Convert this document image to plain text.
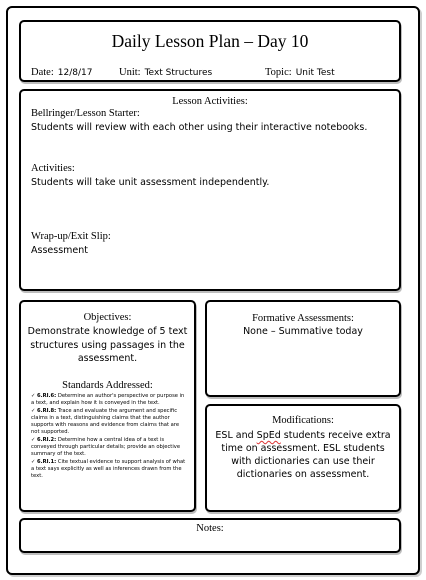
Daily Lesson Plan – Day 10
Date: 12/8/17	Unit: Text Structures	Topic: Unit Test
Lesson Activities:
Bellringer/Lesson Starter:
Students will review with each other using their interactive notebooks.
Activities:
Students will take unit assessment independently.
Wrap-up/Exit Slip:
Assessment
Objectives:
Demonstrate knowledge of 5 text structures using passages in the assessment.
Standards Addressed:
✓ 6.RI.6: Determine an author's perspective or purpose in a text, and explain how it is conveyed in the text.
✓ 6.RI.8: Trace and evaluate the argument and specific claims in a text, distinguishing claims that the author supports with reasons and evidence from claims that are not supported.
✓ 6.RI.2: Determine how a central idea of a text is conveyed through particular details; provide an objective summary of the text.
✓ 6.RI.1: Cite textual evidence to support analysis of what a text says explicitly as well as inferences drawn from the text.
Formative Assessments:
None – Summative today
Modifications:
ESL and SpEd students receive extra time on assessment. ESL students with dictionaries can use their dictionaries on assessment.
Notes:
